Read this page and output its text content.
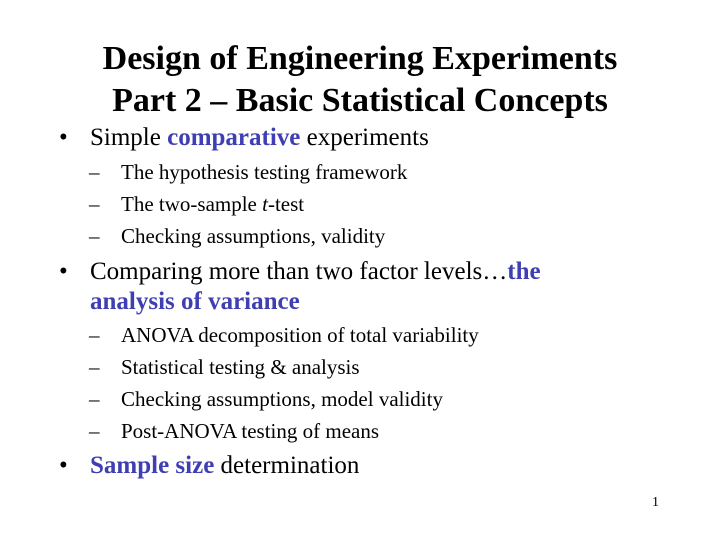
Design of Engineering Experiments
Part 2 – Basic Statistical Concepts
• Simple comparative experiments
– The hypothesis testing framework
– The two-sample t-test
– Checking assumptions, validity
• Comparing more than two factor levels…the
analysis of variance
– ANOVA decomposition of total variability
– Statistical testing & analysis
– Checking assumptions, model validity
– Post-ANOVA testing of means
• Sample size determination
1
